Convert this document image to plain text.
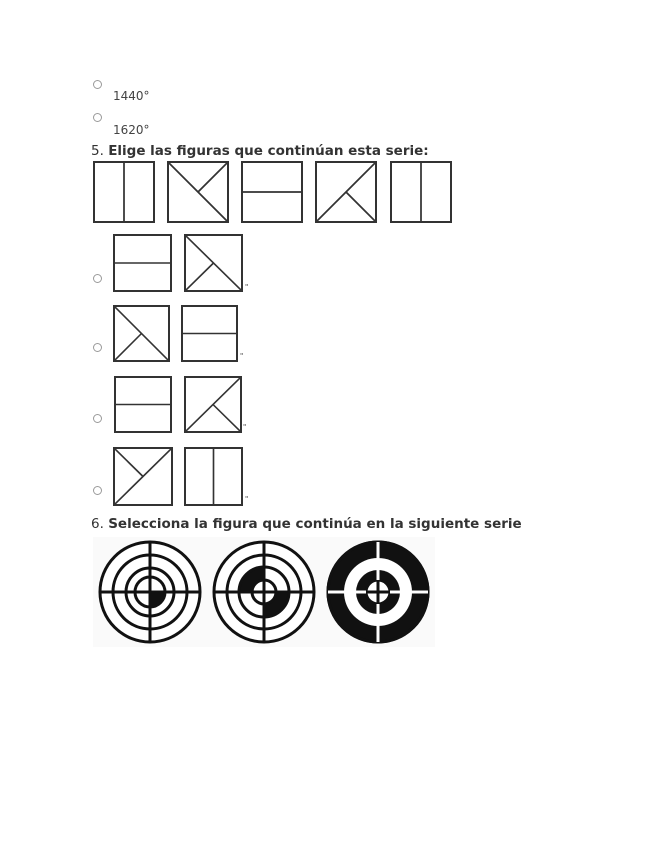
1440°
1620°
5. Elige las figuras que continúan esta serie:
"
"
"
"
6. Selecciona la figura que continúa en la siguiente serie
